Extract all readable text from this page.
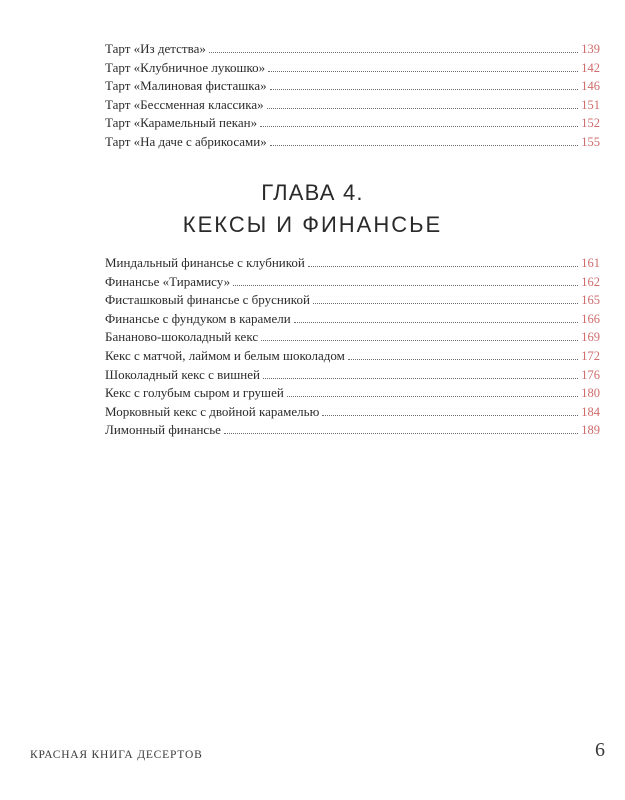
Тарт «Из детства»	139
Тарт «Клубничное лукошко»	142
Тарт «Малиновая фисташка»	146
Тарт «Бессменная классика»	151
Тарт «Карамельный пекан»	152
Тарт «На даче с абрикосами»	155
ГЛАВА 4.
КЕКСЫ И ФИНАНСЬЕ
Миндальный финансье с клубникой	161
Финансье «Тирамису»	162
Фисташковый финансье с брусникой	165
Финансье с фундуком в карамели	166
Бананово-шоколадный кекс	169
Кекс с матчой, лаймом и белым шоколадом	172
Шоколадный кекс с вишней	176
Кекс с голубым сыром и грушей	180
Морковный кекс с двойной карамелью	184
Лимонный финансье	189
КРАСНАЯ КНИГА ДЕСЕРТОВ	6
